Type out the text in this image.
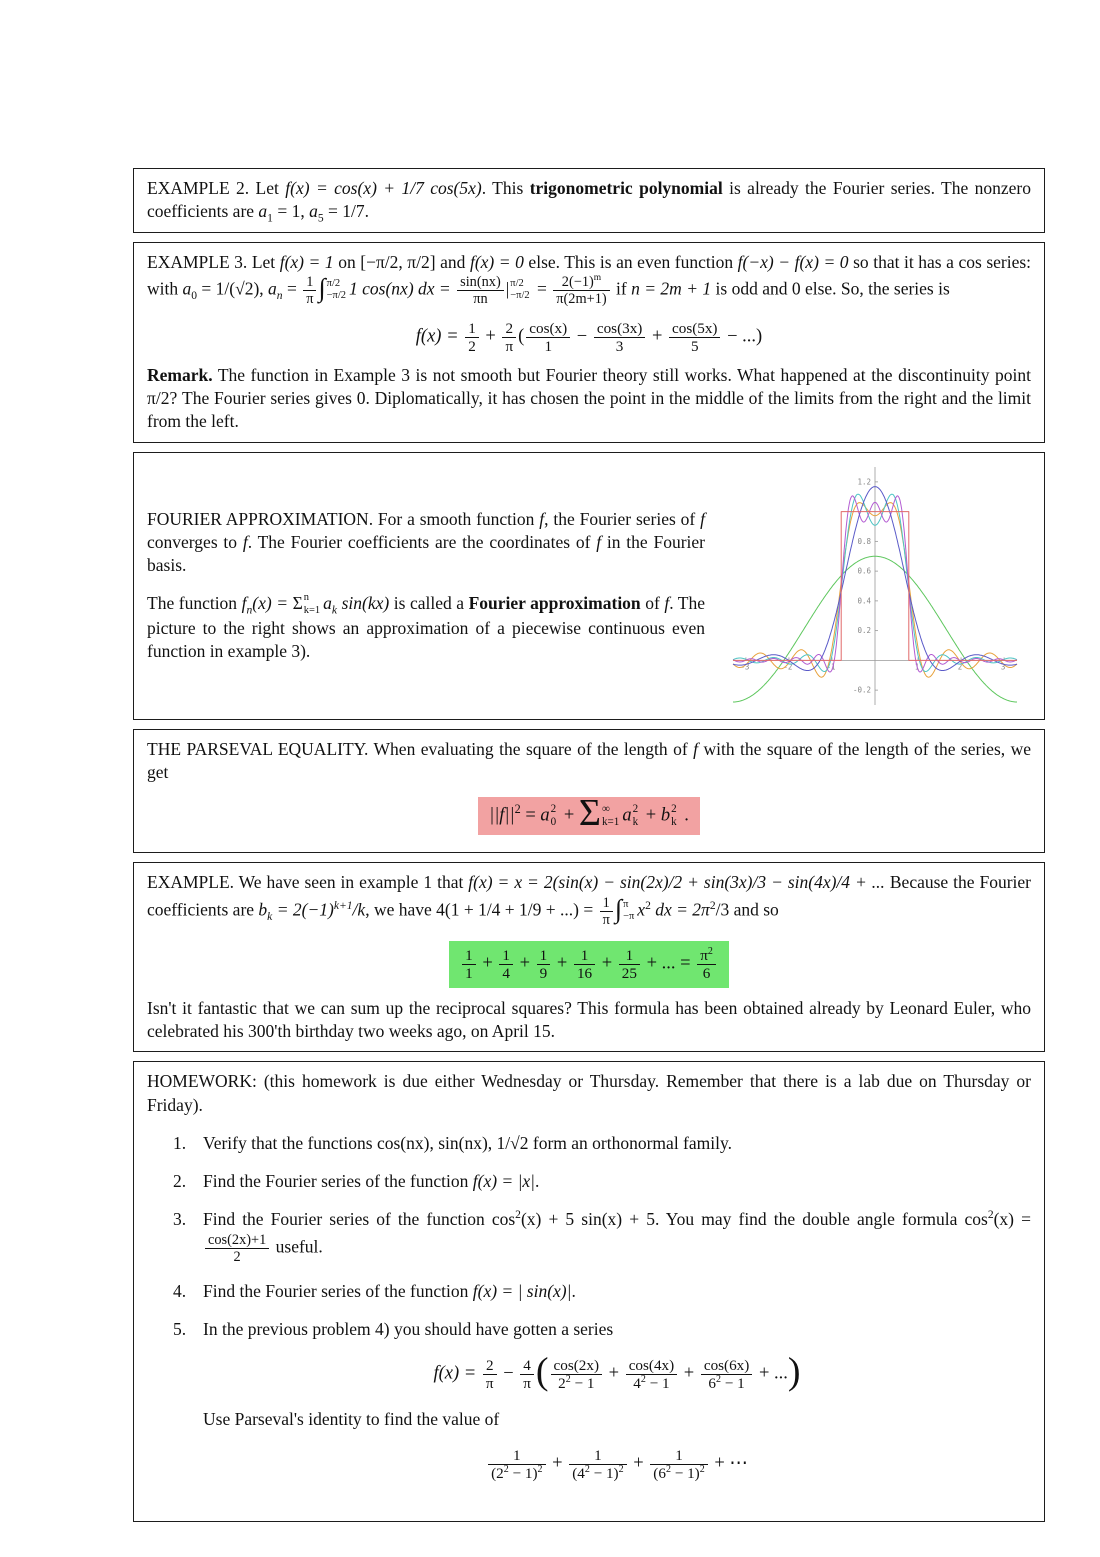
EXAMPLE 2. Let f(x) = cos(x) + 1/7 cos(5x). This trigonometric polynomial is already the Fourier series. The nonzero coefficients are $a_1 = 1$, $a_5 = 1/7$.

EXAMPLE 3. Let f(x) = 1 on [−π/2, π/2] and f(x) = 0 else. This is an even function f(−x) − f(x) = 0 so that it has a cos series: with $a_0 = 1/(√2)$, $a_n = \frac{1}{\pi}$ ∫ π/2
−π/2 1 cos(nx) dx = $\frac{\sin(nx)}{\pi n}$ | π/2
$-\pi/2 = \frac{2(-1)^m}{\pi(2m+1)}$ if n = 2m + 1 is odd and 0 else. So, the series is

$f(x) = \frac{1}{2} + \frac{2}{\pi}$ ( $\frac{\cos(x)}{1} - \frac{\cos(3x)}{3} + \frac{\cos(5x)}{5}$ − ...)

Remark. The function in Example 3 is not smooth but Fourier theory still works. What happened at the discontinuity point π/2? The Fourier series gives 0. Diplomatically, it has chosen the point in the middle of the limits from the right and the limit from the left.

FOURIER APPROXIMATION. For a smooth function f, the Fourier series of f converges to f. The Fourier coefficients are the coordinates of f in the Fourier basis.

The function $f_n(x) = \Sigma$ n
k=1 $a_k$ sin(kx) is called a Fourier approximation of f. The picture to the right shows an approximation of a piecewise continuous even function in example 3).

-3	-2	-1	1	2	3
-0.2
0.2
0.4
0.6
0.8
1.2

THE PARSEVAL EQUALITY. When evaluating the square of the length of f with the square of the length of the series, we get

$||f||^2 = a$ 2
0 + Σ ∞
k=1 a 2
k + b 2
k .

EXAMPLE. We have seen in example 1 that f(x) = x = 2(sin(x) − sin(2x)/2 + sin(3x)/3 − sin(4x)/4 + ... Because the Fourier coefficients are $b_k = 2(-1)^{k+1}/k$, we have 4(1 + 1/4 + 1/9 + ...) = $\frac{1}{\pi}$ ∫ π
−π $x^2$ dx = $2\pi^2/3$ and so

$\frac{1}{1} + \frac{1}{4} + \frac{1}{9} + \frac{1}{16} + \frac{1}{25}$ + ... = $\frac{\pi^2}{6}$

Isn't it fantastic that we can sum up the reciprocal squares? This formula has been obtained already by Leonard Euler, who celebrated his 300'th birthday two weeks ago, on April 15.

HOMEWORK: (this homework is due either Wednesday or Thursday. Remember that there is a lab due on Thursday or Friday).

1. Verify that the functions cos(nx), sin(nx), 1/√2 form an orthonormal family.
2. Find the Fourier series of the function f(x) = |x|.
3. Find the Fourier series of the function $\cos^2(x) + 5$ sin(x) + 5. You may find the double angle formula $\cos^2(x)$ =
$\frac{\cos(2x)+1}{2}$ useful.
4. Find the Fourier series of the function f(x) = | sin(x)|.
5. In the previous problem 4) you should have gotten a series
$f(x) = \frac{2}{\pi} - \frac{4}{\pi}$ ( $\frac{\cos(2x)}{2^2 - 1} + \frac{\cos(4x)}{4^2 - 1} + \frac{\cos(6x)}{6^2 - 1}$ + ...)

Use Parseval's identity to find the value of

$\frac{1}{(2^2 - 1)^2} + \frac{1}{(4^2 - 1)^2} + \frac{1}{(6^2 - 1)^2}$ + ⋯
